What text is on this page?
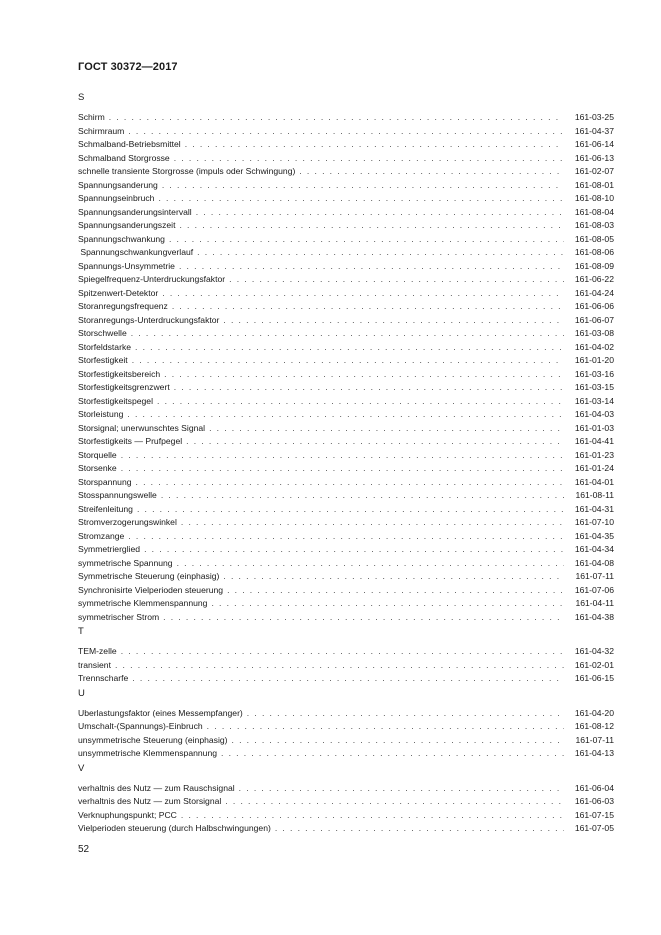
ГОСТ 30372—2017
S
Schirm . . .	161-03-25
Schirmraum . . .	161-04-37
Schmalband-Betriebsmittel . . .	161-06-14
Schmalband Storgrosse . . .	161-06-13
schnelle transiente Storgrosse (impuls oder Schwingung) . . .	161-02-07
Spannungsanderung . . .	161-08-01
Spannungseinbruch . . .	161-08-10
Spannungsanderungsintervall . . .	161-08-04
Spannungsanderungszeit . . .	161-08-03
Spannungschwankung . . .	161-08-05
Spannungschwankungverlauf . . .	161-08-06
Spannungs-Unsymmetrie . . .	161-08-09
Spiegelfrequenz-Unterdruckungsfaktor . . .	161-06-22
Spitzenwert-Detektor . . .	161-04-24
Storanregungsfrequenz . . .	161-06-06
Storanregungs-Unterdruckungsfaktor . . .	161-06-07
Storschwelle . . .	161-03-08
Storfeldstarke . . .	161-04-02
Storfestigkeit . . .	161-01-20
Storfestigkeitsbereich . . .	161-03-16
Storfestigkeitsgrenzwert . . .	161-03-15
Storfestigkeitspegel . . .	161-03-14
Storleistung . . .	161-04-03
Storsignal; unerwunschtes Signal . . .	161-01-03
Storfestigkeits — Prufpegel . . .	161-04-41
Storquelle . . .	161-01-23
Storsenke . . .	161-01-24
Storspannung . . .	161-04-01
Stosspannungswelle . . .	161-08-11
Streifenleitung . . .	161-04-31
Stromverzogerungswinkel . . .	161-07-10
Stromzange . . .	161-04-35
Symmetrierglied . . .	161-04-34
symmetrische Spannung . . .	161-04-08
Symmetrische Steuerung (einphasig) . . .	161-07-11
Synchronisirte Vielperioden steuerung . . .	161-07-06
symmetrische Klemmenspannung . . .	161-04-11
symmetrischer Strom . . .	161-04-38
T
TEM-zelle . . .	161-04-32
transient . . .	161-02-01
Trennscharfe . . .	161-06-15
U
Uberlastungsfaktor (eines Messempfanger) . . .	161-04-20
Umschalt-(Spannungs)-Einbruch . . .	161-08-12
unsymmetrische Steuerung (einphasig) . . .	161-07-11
unsymmetrische Klemmenspannung . . .	161-04-13
V
verhaltnis des Nutz — zum Rauschsignal . . .	161-06-04
verhaltnis des Nutz — zum Storsignal . . .	161-06-03
Verknuphungspunkt; PCC . . .	161-07-15
Vielperioden steuerung (durch Halbschwingungen) . . .	161-07-05
52
